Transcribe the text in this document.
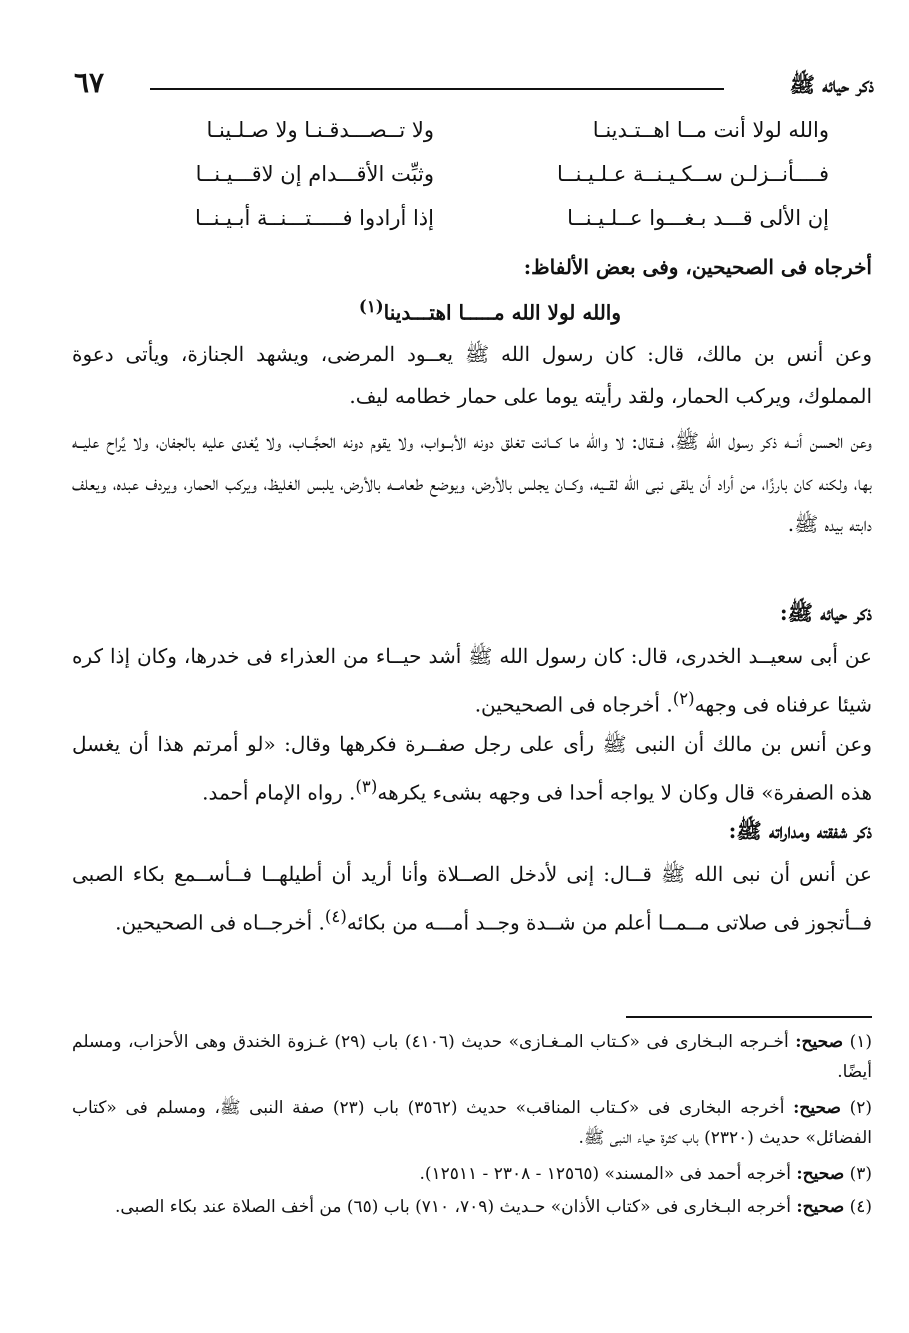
ذكر حيائه ﷺ
٦٧
والله لولا أنت مــا اهــتـدينـا
ولا تــصـــدقـنـا ولا صـلـينـا
فــــأنــزلـن ســكـيـنــة عـلـيـنــا
وثبِّت الأقـــدام إن لاقـــيـنــا
إن الألى قـــد بـغـــوا عــلـيـنــا
إذا أرادوا فـــــتـــنــة أبـيـنــا
أخرجاه فى الصحيحين، وفى بعض الألفاظ:
والله لولا الله مـــــا اهتـــدينا$^{(١)}$
وعن أنس بن مالك، قال: كان رسول الله ﷺ يعــود المرضى، ويشهد الجنازة، ويأتى دعوة المملوك، ويركب الحمار، ولقد رأيته يوما على حمار خطامه ليف.
وعن الحسن أنــه ذكر رسول الله ﷺ، فــقال: لا والله ما كــانت تغلق دونه الأبــواب، ولا يقوم دونه الحجَّــاب، ولا يُغدى عليه بالجفان، ولا يُراح عليــه بها، ولكنه كان بارزًا، من أراد أن يلقى نبى الله لقــيه، وكــان يجلس بالأرض، ويوضع طعامــه بالأرض، يلبس الغليظ، ويركب الحمار، ويردف عبده، ويعلف دابته بيده ﷺ.
ذكر حيائه ﷺ:
عن أبى سعيــد الخدرى، قال: كان رسول الله ﷺ أشد حيــاء من العذراء فى خدرها، وكان إذا كره شيئا عرفناه فى وجهه$^{(٢)}$. أخرجاه فى الصحيحين.
وعن أنس بن مالك أن النبى ﷺ رأى على رجل صفــرة فكرهها وقال: «لو أمرتم هذا أن يغسل هذه الصفرة» قال وكان لا يواجه أحدا فى وجهه بشىء يكرهه$^{(٣)}$. رواه الإمام أحمد.
ذكر شفقته ومداراته ﷺ:
عن أنس أن نبى الله ﷺ قــال: إنى لأدخل الصــلاة وأنا أريد أن أطيلهــا فــأســمع بكاء الصبى فــأتجوز فى صلاتى مــمــا أعلم من شــدة وجــد أمـــه من بكائه$^{(٤)}$. أخرجــاه فى الصحيحين.
(١) صحيح: أخـرجه البـخارى فى «كـتاب المـغـازى» حديث (٤١٠٦) باب (٢٩) غـزوة الخندق وهى الأحزاب، ومسلم أيضًا.
(٢) صحيح: أخرجه البخارى فى «كـتاب المناقب» حديث (٣٥٦٢) باب (٢٣) صفة النبى ﷺ، ومسلم فى «كتاب الفضائل» حديث (٢٣٢٠) باب كثرة حياء النبى ﷺ.
(٣) صحيح: أخرجه أحمد فى «المسند» (١٢٥٦٥ - ٢٣٠٨ - ١٢٥١١).
(٤) صحيح: أخرجه البـخارى فى «كتاب الأذان» حـديث (٧٠٩، ٧١٠) باب (٦٥) من أخف الصلاة عند بكاء الصبى.
